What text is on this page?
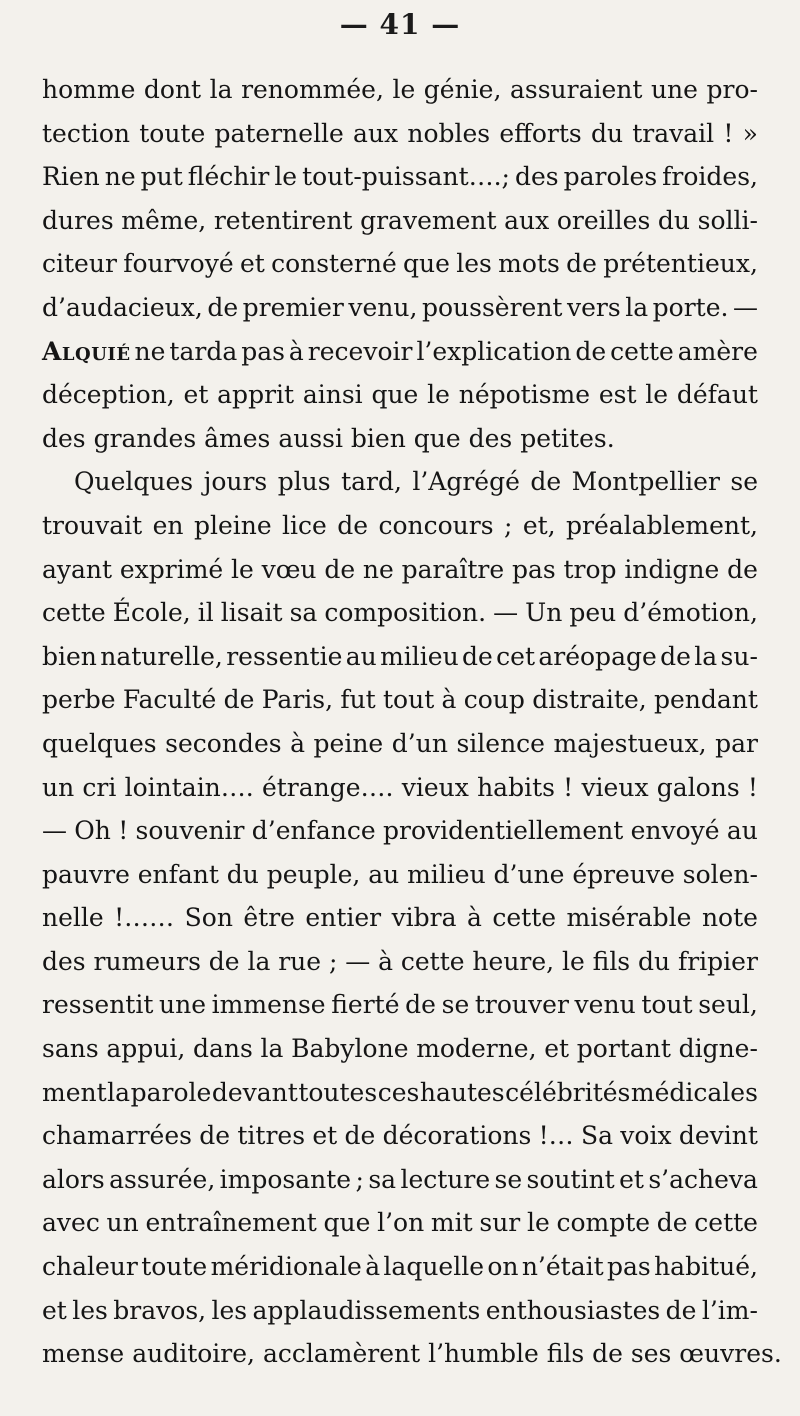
— 41 —
homme dont la renommée, le génie, assuraient une pro-
tection toute paternelle aux nobles efforts du travail ! »
Rien ne put fléchir le tout-puissant….; des paroles froides,
dures même, retentirent gravement aux oreilles du solli-
citeur fourvoyé et consterné que les mots de prétentieux,
d’audacieux, de premier venu, poussèrent vers la porte. —
Alquié ne tarda pas à recevoir l’explication de cette amère
déception, et apprit ainsi que le népotisme est le défaut
des grandes âmes aussi bien que des petites.
Quelques jours plus tard, l’Agrégé de Montpellier se
trouvait en pleine lice de concours ; et, préalablement,
ayant exprimé le vœu de ne paraître pas trop indigne de
cette École, il lisait sa composition. — Un peu d’émotion,
bien naturelle, ressentie au milieu de cet aréopage de la su-
perbe Faculté de Paris, fut tout à coup distraite, pendant
quelques secondes à peine d’un silence majestueux, par
un cri lointain…. étrange…. vieux habits ! vieux galons !
— Oh ! souvenir d’enfance providentiellement envoyé au
pauvre enfant du peuple, au milieu d’une épreuve solen-
nelle !…… Son être entier vibra à cette misérable note
des rumeurs de la rue ; — à cette heure, le fils du fripier
ressentit une immense fierté de se trouver venu tout seul,
sans appui, dans la Babylone moderne, et portant digne-
ment la parole devant toutes ces hautes célébrités médicales
chamarrées de titres et de décorations !… Sa voix devint
alors assurée, imposante ; sa lecture se soutint et s’acheva
avec un entraînement que l’on mit sur le compte de cette
chaleur toute méridionale à laquelle on n’était pas habitué,
et les bravos, les applaudissements enthousiastes de l’im-
mense auditoire, acclamèrent l’humble fils de ses œuvres.
